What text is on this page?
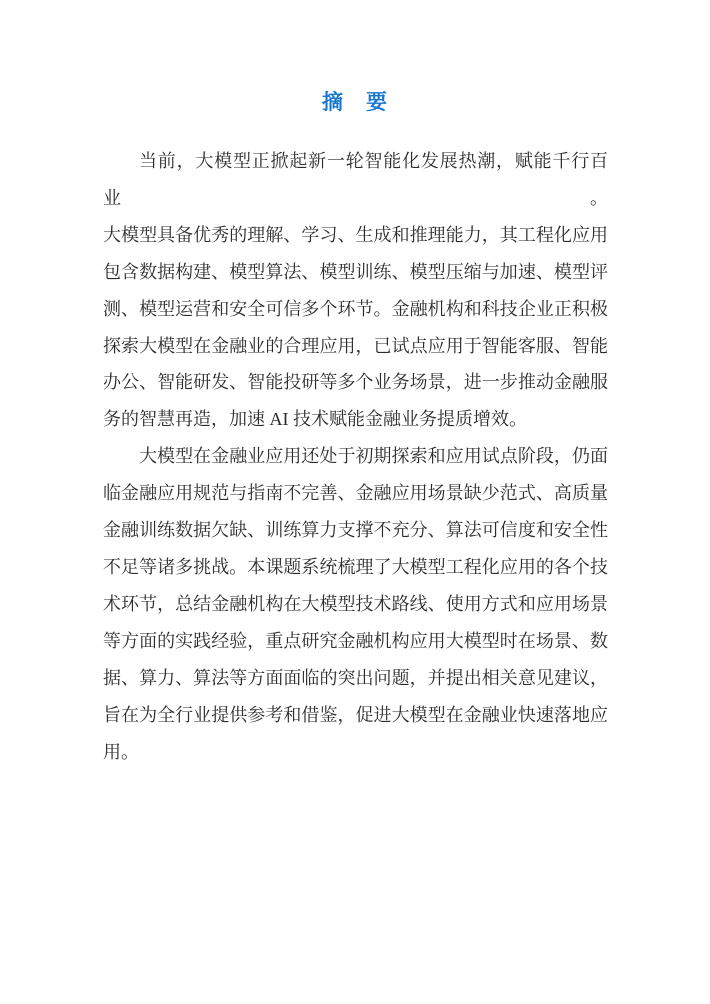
摘　要
当前，大模型正掀起新一轮智能化发展热潮，赋能千行百业。
大模型具备优秀的理解、学习、生成和推理能力，其工程化应用
包含数据构建、模型算法、模型训练、模型压缩与加速、模型评
测、模型运营和安全可信多个环节。金融机构和科技企业正积极
探索大模型在金融业的合理应用，已试点应用于智能客服、智能
办公、智能研发、智能投研等多个业务场景，进一步推动金融服
务的智慧再造，加速 AI 技术赋能金融业务提质增效。
大模型在金融业应用还处于初期探索和应用试点阶段，仍面
临金融应用规范与指南不完善、金融应用场景缺少范式、高质量
金融训练数据欠缺、训练算力支撑不充分、算法可信度和安全性
不足等诸多挑战。本课题系统梳理了大模型工程化应用的各个技
术环节，总结金融机构在大模型技术路线、使用方式和应用场景
等方面的实践经验，重点研究金融机构应用大模型时在场景、数
据、算力、算法等方面面临的突出问题，并提出相关意见建议，
旨在为全行业提供参考和借鉴，促进大模型在金融业快速落地应
用。
